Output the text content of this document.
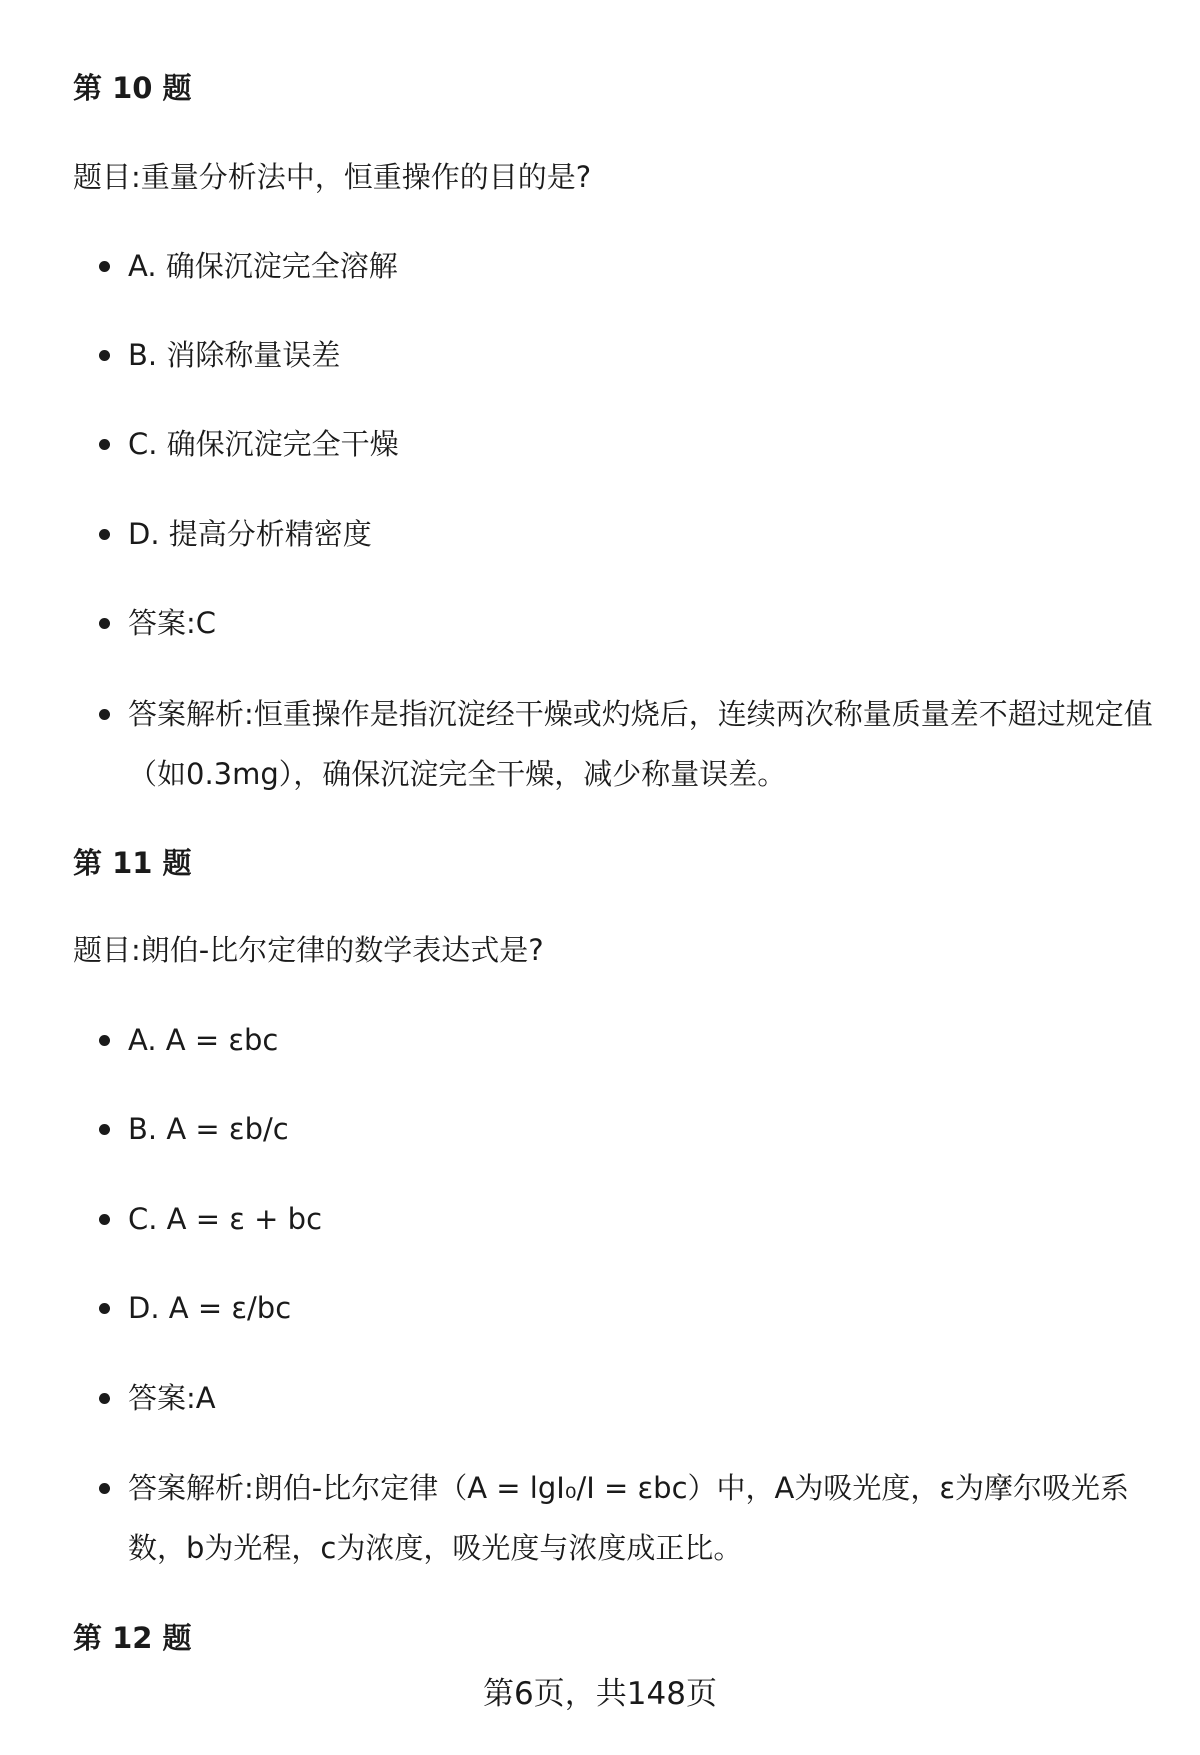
第 10 题

题目:重量分析法中，恒重操作的目的是?

A. 确保沉淀完全溶解
B. 消除称量误差
C. 确保沉淀完全干燥
D. 提高分析精密度
答案:C
答案解析:恒重操作是指沉淀经干燥或灼烧后，连续两次称量质量差不超过规定值（如0.3mg），确保沉淀完全干燥，减少称量误差。
第 11 题

题目:朗伯-比尔定律的数学表达式是?

A. A = εbc
B. A = εb/c
C. A = ε + bc
D. A = ε/bc
答案:A
答案解析:朗伯-比尔定律（A = lgI₀/I = εbc）中，A为吸光度，ε为摩尔吸光系数，b为光程，c为浓度，吸光度与浓度成正比。
第 12 题
第6页，共148页
